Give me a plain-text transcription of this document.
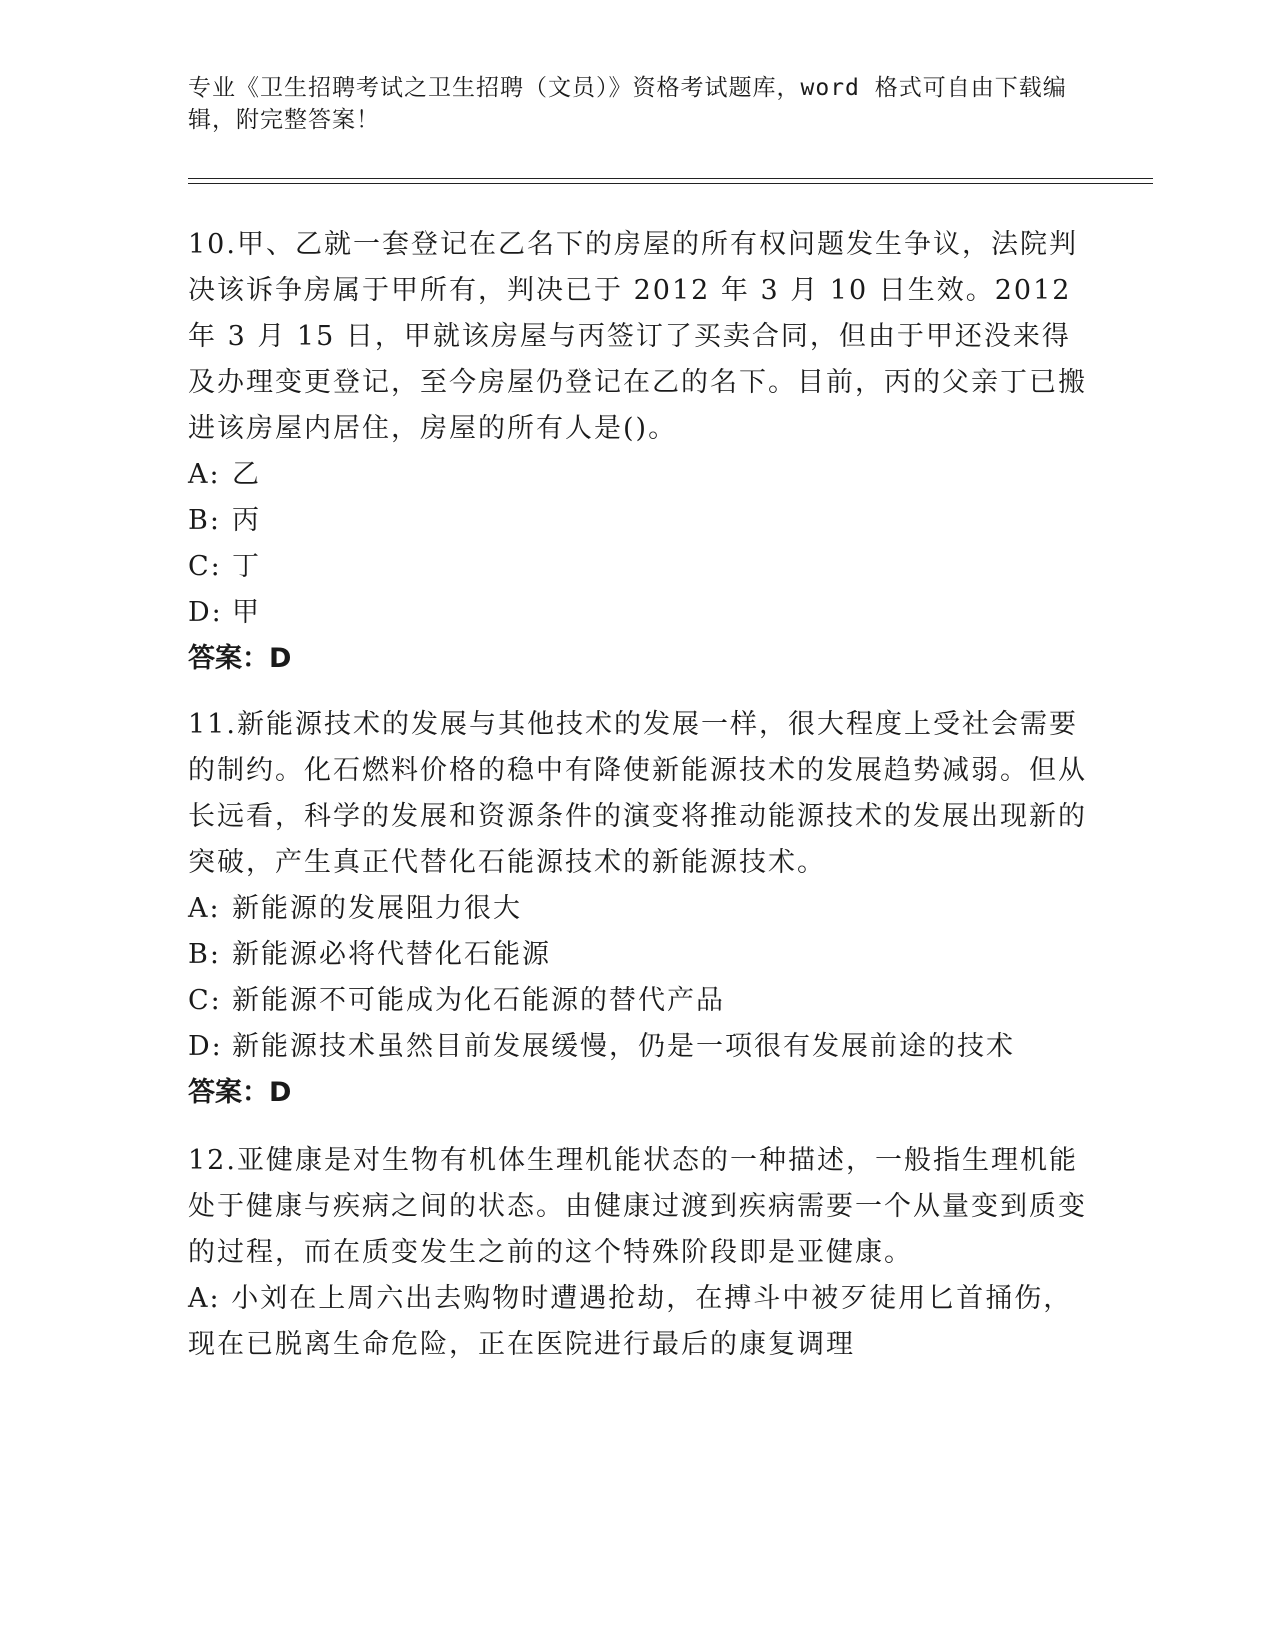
专业《卫生招聘考试之卫生招聘（文员）》资格考试题库，word 格式可自由下载编辑，附完整答案！

10.甲、乙就一套登记在乙名下的房屋的所有权问题发生争议，法院判决该诉争房属于甲所有，判决已于 2012 年 3 月 10 日生效。2012 年 3 月 15 日，甲就该房屋与丙签订了买卖合同，但由于甲还没来得及办理变更登记，至今房屋仍登记在乙的名下。目前，丙的父亲丁已搬进该房屋内居住，房屋的所有人是()。

A: 乙

B: 丙

C: 丁

D: 甲

答案：D

11.新能源技术的发展与其他技术的发展一样，很大程度上受社会需要的制约。化石燃料价格的稳中有降使新能源技术的发展趋势减弱。但从长远看，科学的发展和资源条件的演变将推动能源技术的发展出现新的突破，产生真正代替化石能源技术的新能源技术。

A: 新能源的发展阻力很大

B: 新能源必将代替化石能源

C: 新能源不可能成为化石能源的替代产品

D: 新能源技术虽然目前发展缓慢，仍是一项很有发展前途的技术

答案：D

12.亚健康是对生物有机体生理机能状态的一种描述，一般指生理机能处于健康与疾病之间的状态。由健康过渡到疾病需要一个从量变到质变的过程，而在质变发生之前的这个特殊阶段即是亚健康。

A: 小刘在上周六出去购物时遭遇抢劫，在搏斗中被歹徒用匕首捅伤，现在已脱离生命危险，正在医院进行最后的康复调理
